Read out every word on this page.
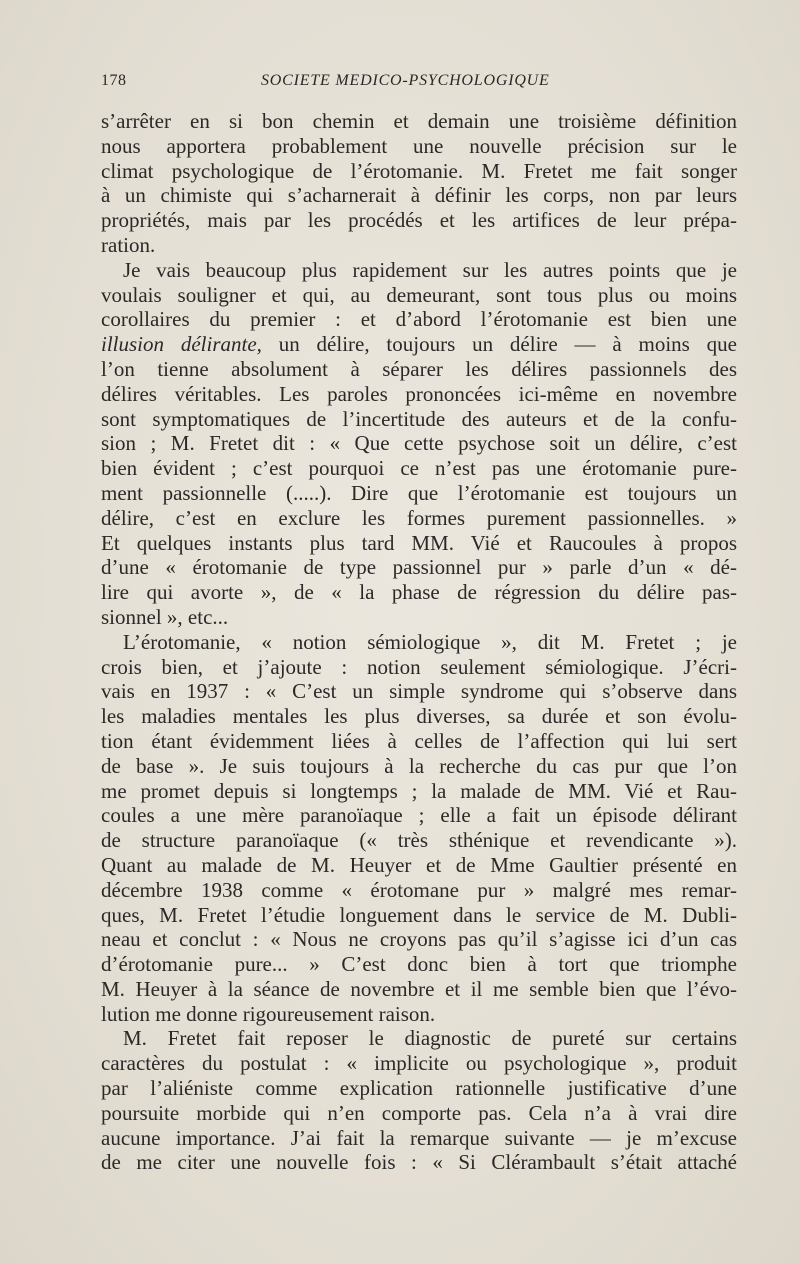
178	SOCIETE MEDICO-PSYCHOLOGIQUE
s’arrêter en si bon chemin et demain une troisième définition
nous apportera probablement une nouvelle précision sur le
climat psychologique de l’érotomanie. M. Fretet me fait songer
à un chimiste qui s’acharnerait à définir les corps, non par leurs
propriétés, mais par les procédés et les artifices de leur prépa-
ration.
Je vais beaucoup plus rapidement sur les autres points que je
voulais souligner et qui, au demeurant, sont tous plus ou moins
corollaires du premier : et d’abord l’érotomanie est bien une
illusion délirante, un délire, toujours un délire — à moins que
l’on tienne absolument à séparer les délires passionnels des
délires véritables. Les paroles prononcées ici-même en novembre
sont symptomatiques de l’incertitude des auteurs et de la confu-
sion ; M. Fretet dit : « Que cette psychose soit un délire, c’est
bien évident ; c’est pourquoi ce n’est pas une érotomanie pure-
ment passionnelle (.....). Dire que l’érotomanie est toujours un
délire, c’est en exclure les formes purement passionnelles. »
Et quelques instants plus tard MM. Vié et Raucoules à propos
d’une « érotomanie de type passionnel pur » parle d’un « dé-
lire qui avorte », de « la phase de régression du délire pas-
sionnel », etc...
L’érotomanie, « notion sémiologique », dit M. Fretet ; je
crois bien, et j’ajoute : notion seulement sémiologique. J’écri-
vais en 1937 : « C’est un simple syndrome qui s’observe dans
les maladies mentales les plus diverses, sa durée et son évolu-
tion étant évidemment liées à celles de l’affection qui lui sert
de base ». Je suis toujours à la recherche du cas pur que l’on
me promet depuis si longtemps ; la malade de MM. Vié et Rau-
coules a une mère paranoïaque ; elle a fait un épisode délirant
de structure paranoïaque (« très sthénique et revendicante »).
Quant au malade de M. Heuyer et de Mme Gaultier présenté en
décembre 1938 comme « érotomane pur » malgré mes remar-
ques, M. Fretet l’étudie longuement dans le service de M. Dubli-
neau et conclut : « Nous ne croyons pas qu’il s’agisse ici d’un cas
d’érotomanie pure... » C’est donc bien à tort que triomphe
M. Heuyer à la séance de novembre et il me semble bien que l’évo-
lution me donne rigoureusement raison.
M. Fretet fait reposer le diagnostic de pureté sur certains
caractères du postulat : « implicite ou psychologique », produit
par l’aliéniste comme explication rationnelle justificative d’une
poursuite morbide qui n’en comporte pas. Cela n’a à vrai dire
aucune importance. J’ai fait la remarque suivante — je m’excuse
de me citer une nouvelle fois : « Si Clérambault s’était attaché
